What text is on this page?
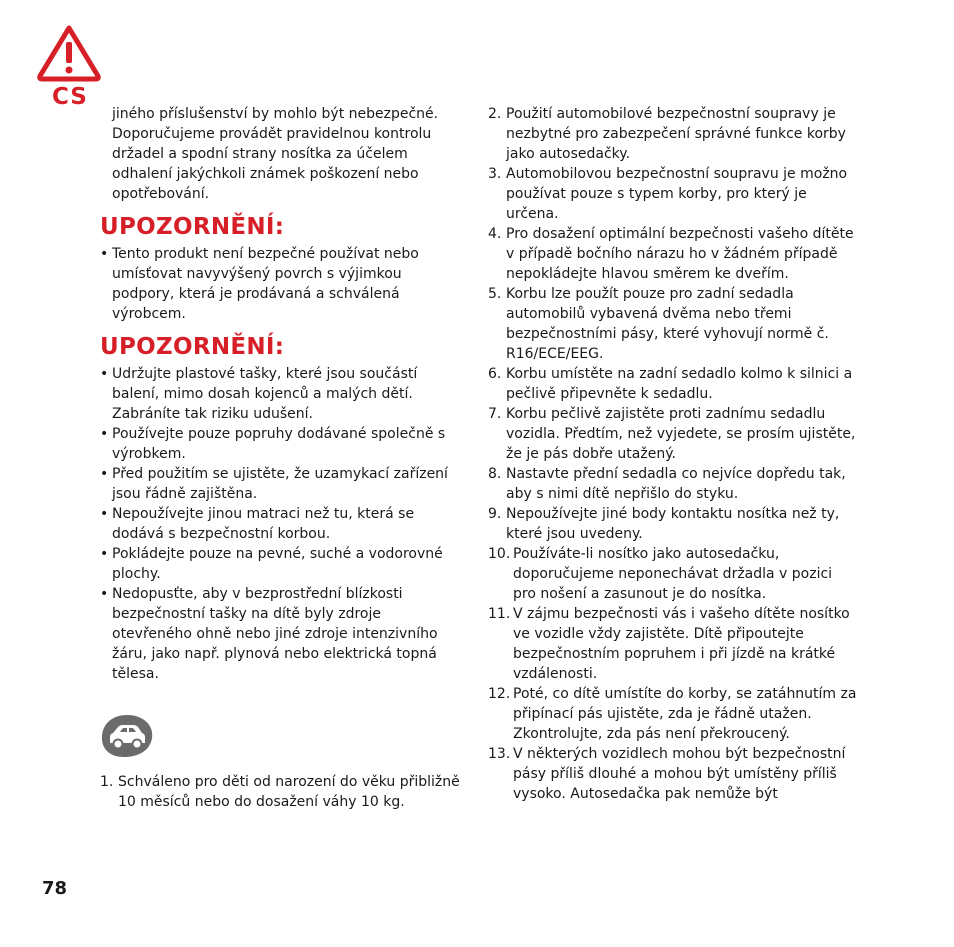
CS
jiného příslušenství by mohlo být nebezpečné. Doporučujeme provádět pravidelnou kontrolu držadel a spodní strany nosítka za účelem odhalení jakýchkoli známek poškození nebo opotřebování.
UPOZORNĚNÍ:
• Tento produkt není bezpečné používat nebo umísťovat navyvýšený povrch s výjimkou podpory, která je prodávaná a schválená výrobcem.
UPOZORNĚNÍ:
• Udržujte plastové tašky, které jsou součástí balení, mimo dosah kojenců a malých dětí. Zabráníte tak riziku udušení.
• Používejte pouze popruhy dodávané společně s výrobkem.
• Před použitím se ujistěte, že uzamykací zařízení jsou řádně zajištěna.
• Nepoužívejte jinou matraci než tu, která se dodává s bezpečnostní korbou.
• Pokládejte pouze na pevné, suché a vodorovné plochy.
• Nedopusťte, aby v bezprostřední blízkosti bezpečnostní tašky na dítě byly zdroje otevřeného ohně nebo jiné zdroje intenzivního žáru, jako např. plynová nebo elektrická topná tělesa.
1. Schváleno pro děti od narození do věku přibližně 10 měsíců nebo do dosažení váhy 10 kg.
2. Použití automobilové bezpečnostní soupravy je nezbytné pro zabezpečení správné funkce korby jako autosedačky.
3. Automobilovou bezpečnostní soupravu je možno používat pouze s typem korby, pro který je určena.
4. Pro dosažení optimální bezpečnosti vašeho dítěte v případě bočního nárazu ho v žádném případě nepokládejte hlavou směrem ke dveřím.
5. Korbu lze použít pouze pro zadní sedadla automobilů vybavená dvěma nebo třemi bezpečnostními pásy, které vyhovují normě č. R16/ECE/EEG.
6. Korbu umístěte na zadní sedadlo kolmo k silnici a pečlivě připevněte k sedadlu.
7. Korbu pečlivě zajistěte proti zadnímu sedadlu vozidla. Předtím, než vyjedete, se prosím ujistěte, že je pás dobře utažený.
8. Nastavte přední sedadla co nejvíce dopředu tak, aby s nimi dítě nepřišlo do styku.
9. Nepoužívejte jiné body kontaktu nosítka než ty, které jsou uvedeny.
10. Používáte-li nosítko jako autosedačku, doporučujeme neponechávat držadla v pozici pro nošení a zasunout je do nosítka.
11. V zájmu bezpečnosti vás i vašeho dítěte nosítko ve vozidle vždy zajistěte. Dítě připoutejte bezpečnostním popruhem i při jízdě na krátké vzdálenosti.
12. Poté, co dítě umístíte do korby, se zatáhnutím za připínací pás ujistěte, zda je řádně utažen. Zkontrolujte, zda pás není překroucený.
13. V některých vozidlech mohou být bezpečnostní pásy příliš dlouhé a mohou být umístěny příliš vysoko. Autosedačka pak nemůže být
78
